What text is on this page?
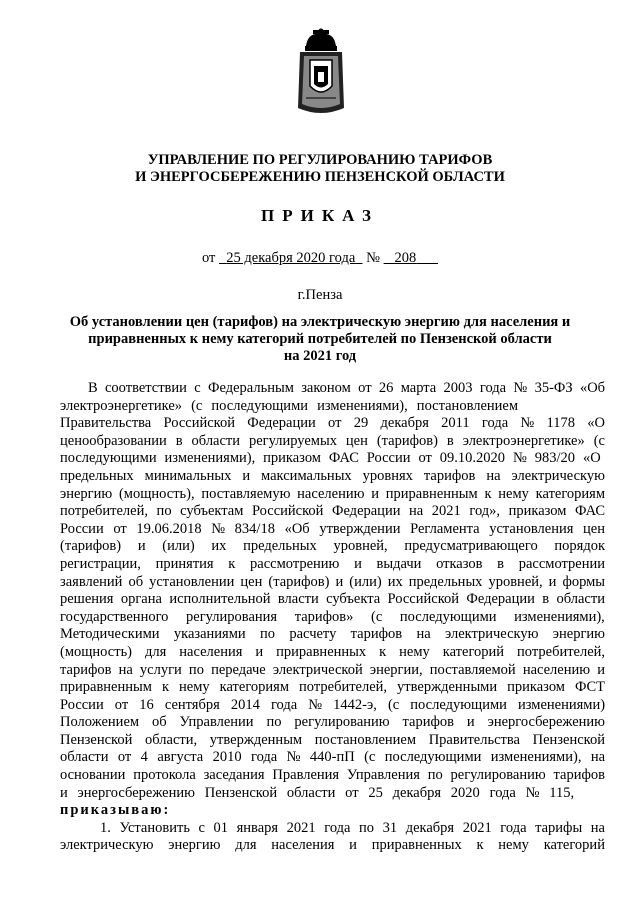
УПРАВЛЕНИЕ ПО РЕГУЛИРОВАНИЮ ТАРИФОВ
И ЭНЕРГОСБЕРЕЖЕНИЮ ПЕНЗЕНСКОЙ ОБЛАСТИ
ПРИКАЗ
от 25 декабря 2020 года № 208
г.Пенза
Об установлении цен (тарифов) на электрическую энергию для населения и
приравненных к нему категорий потребителей по Пензенской области
на 2021 год
В соответствии с Федеральным законом от 26 марта 2003 года № 35-ФЗ «Об
электроэнергетике» (с последующими изменениями), постановлением
Правительства Российской Федерации от 29 декабря 2011 года № 1178 «О
ценообразовании в области регулируемых цен (тарифов) в электроэнергетике» (с
последующими изменениями), приказом ФАС России от 09.10.2020 № 983/20 «О
предельных минимальных и максимальных уровнях тарифов на электрическую
энергию (мощность), поставляемую населению и приравненным к нему категориям
потребителей, по субъектам Российской Федерации на 2021 год», приказом ФАС
России от 19.06.2018 № 834/18 «Об утверждении Регламента установления цен
(тарифов) и (или) их предельных уровней, предусматривающего порядок
регистрации, принятия к рассмотрению и выдачи отказов в рассмотрении
заявлений об установлении цен (тарифов) и (или) их предельных уровней, и формы
решения органа исполнительной власти субъекта Российской Федерации в области
государственного регулирования тарифов» (с последующими изменениями),
Методическими указаниями по расчету тарифов на электрическую энергию
(мощность) для населения и приравненных к нему категорий потребителей,
тарифов на услуги по передаче электрической энергии, поставляемой населению и
приравненным к нему категориям потребителей, утвержденными приказом ФСТ
России от 16 сентября 2014 года № 1442-э, (с последующими изменениями)
Положением об Управлении по регулированию тарифов и энергосбережению
Пензенской области, утвержденным постановлением Правительства Пензенской
области от 4 августа 2010 года № 440-пП (с последующими изменениями), на
основании протокола заседания Правления Управления по регулированию тарифов
и энергосбережению Пензенской области от 25 декабря 2020 года № 115,
приказываю:
1. Установить с 01 января 2021 года по 31 декабря 2021 года тарифы на
электрическую энергию для населения и приравненных к нему категорий
